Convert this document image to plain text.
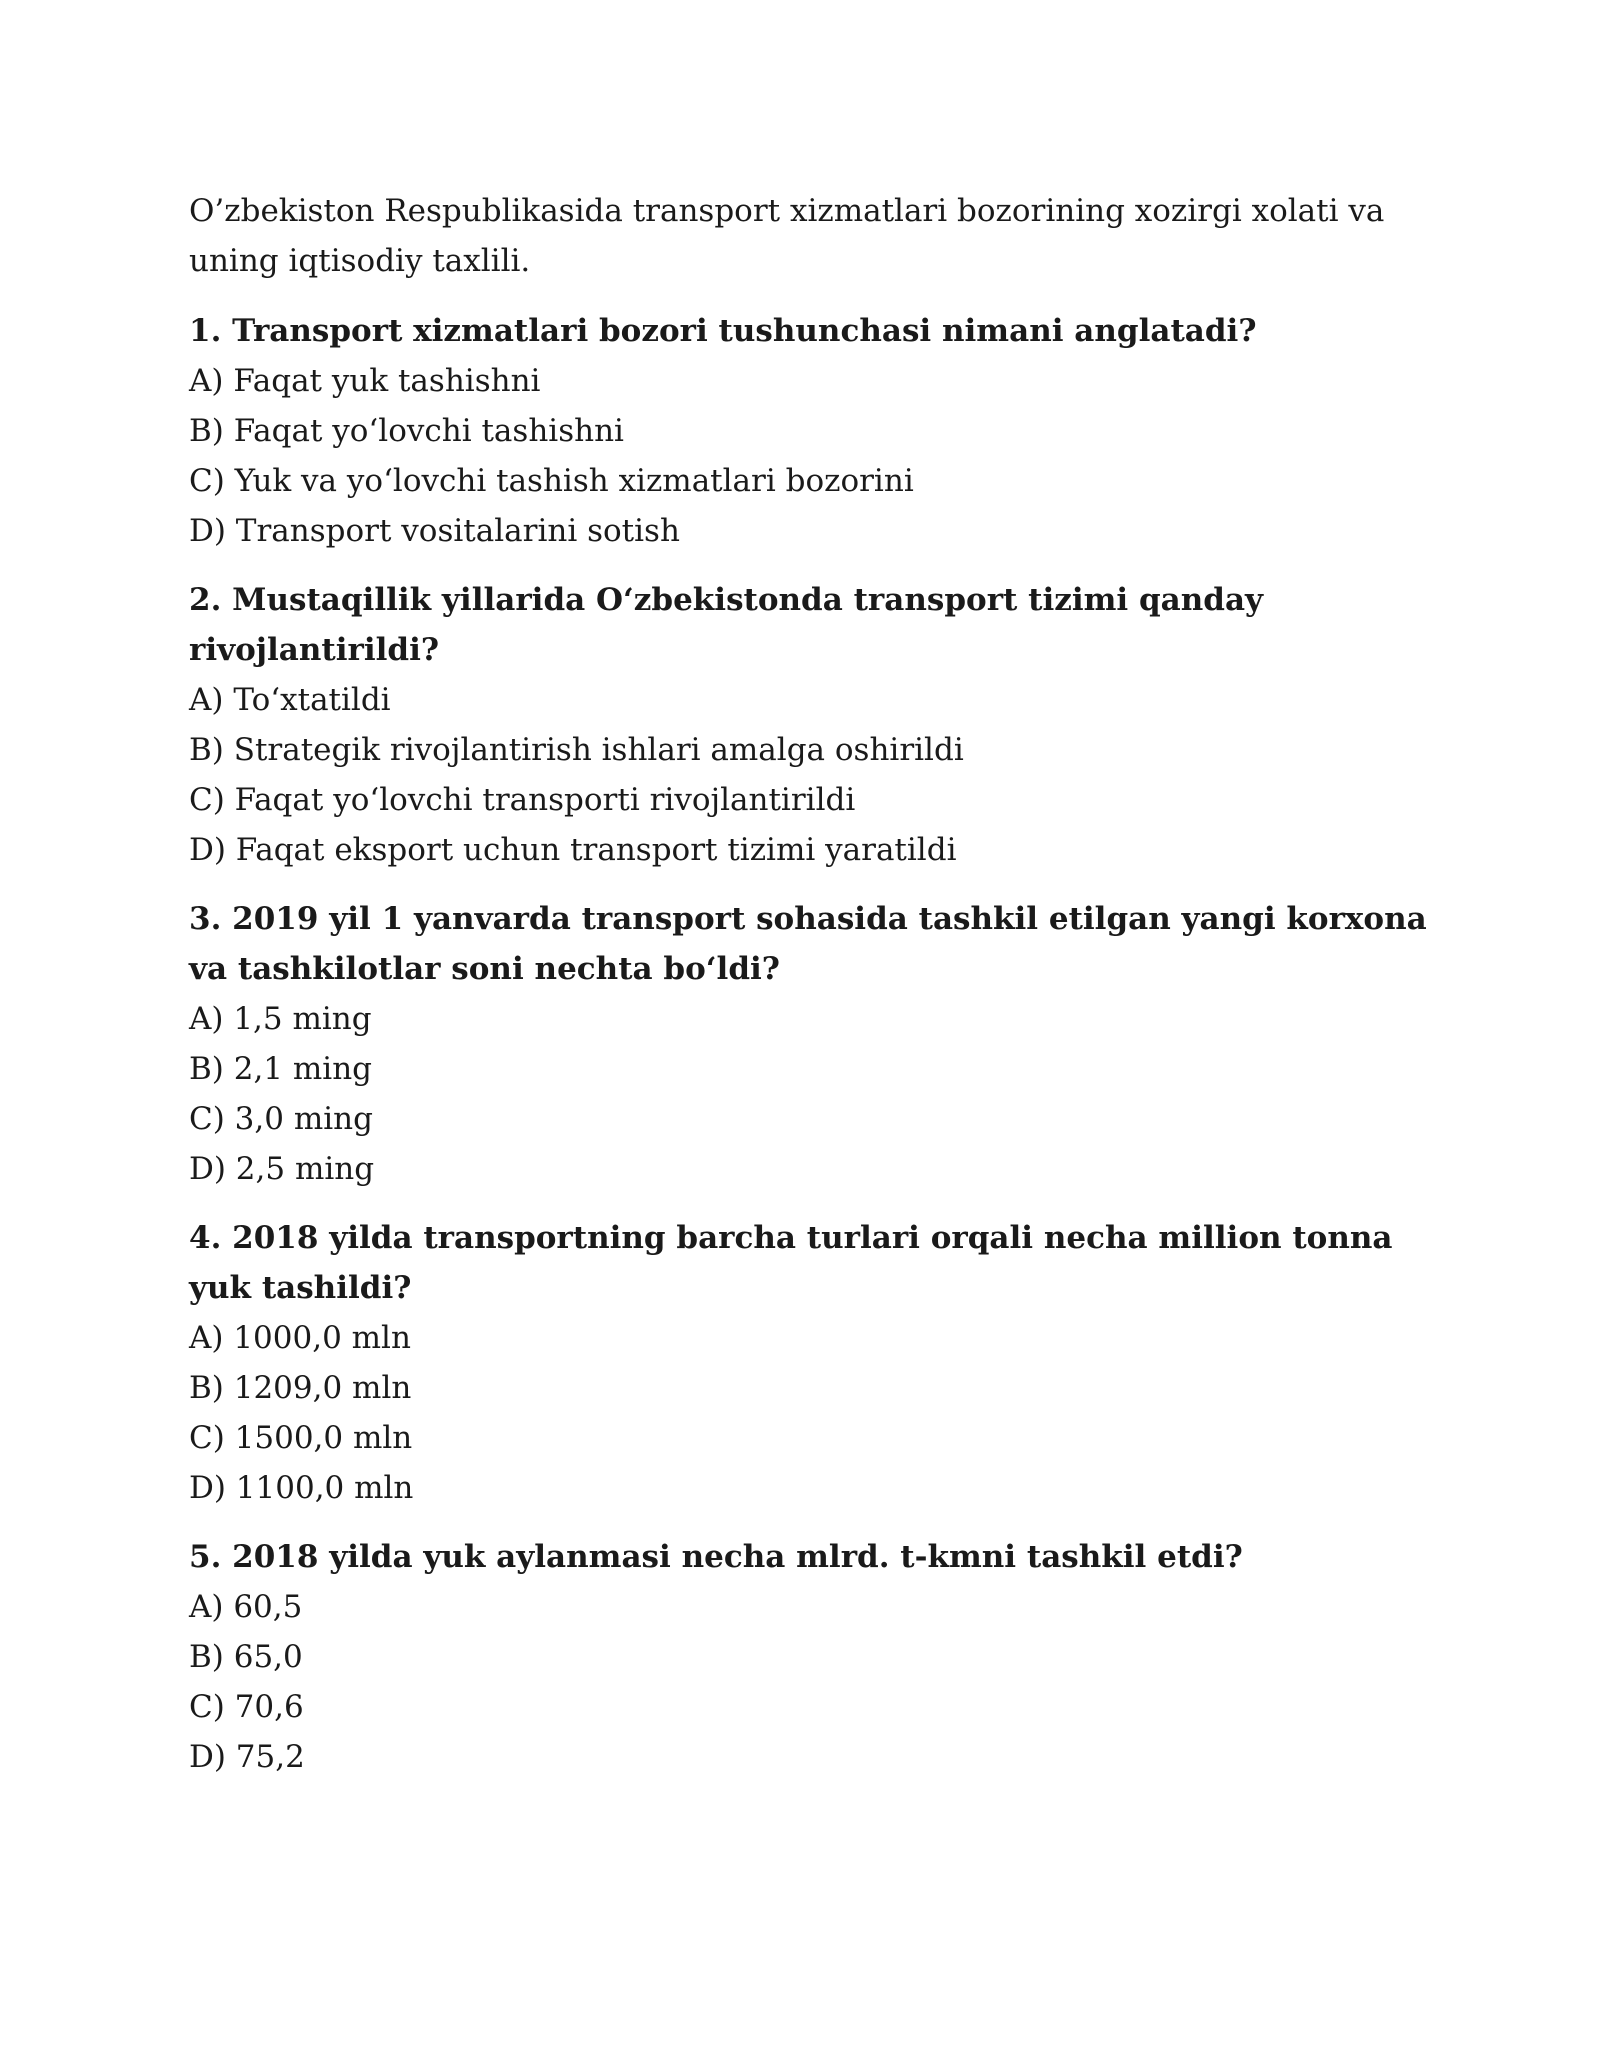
O’zbekiston Respublikasida transport xizmatlari bozorining xozirgi xolati va uning iqtisodiy taxlili.

1. Transport xizmatlari bozori tushunchasi nimani anglatadi?

A) Faqat yuk tashishni
B) Faqat yoʻlovchi tashishni
C) Yuk va yoʻlovchi tashish xizmatlari bozorini
D) Transport vositalarini sotish

2. Mustaqillik yillarida Oʻzbekistonda transport tizimi qanday rivojlantirildi?

A) Toʻxtatildi
B) Strategik rivojlantirish ishlari amalga oshirildi
C) Faqat yoʻlovchi transporti rivojlantirildi
D) Faqat eksport uchun transport tizimi yaratildi

3. 2019 yil 1 yanvarda transport sohasida tashkil etilgan yangi korxona va tashkilotlar soni nechta boʻldi?

A) 1,5 ming
B) 2,1 ming
C) 3,0 ming
D) 2,5 ming

4. 2018 yilda transportning barcha turlari orqali necha million tonna yuk tashildi?

A) 1000,0 mln
B) 1209,0 mln
C) 1500,0 mln
D) 1100,0 mln

5. 2018 yilda yuk aylanmasi necha mlrd. t-kmni tashkil etdi?

A) 60,5
B) 65,0
C) 70,6
D) 75,2
